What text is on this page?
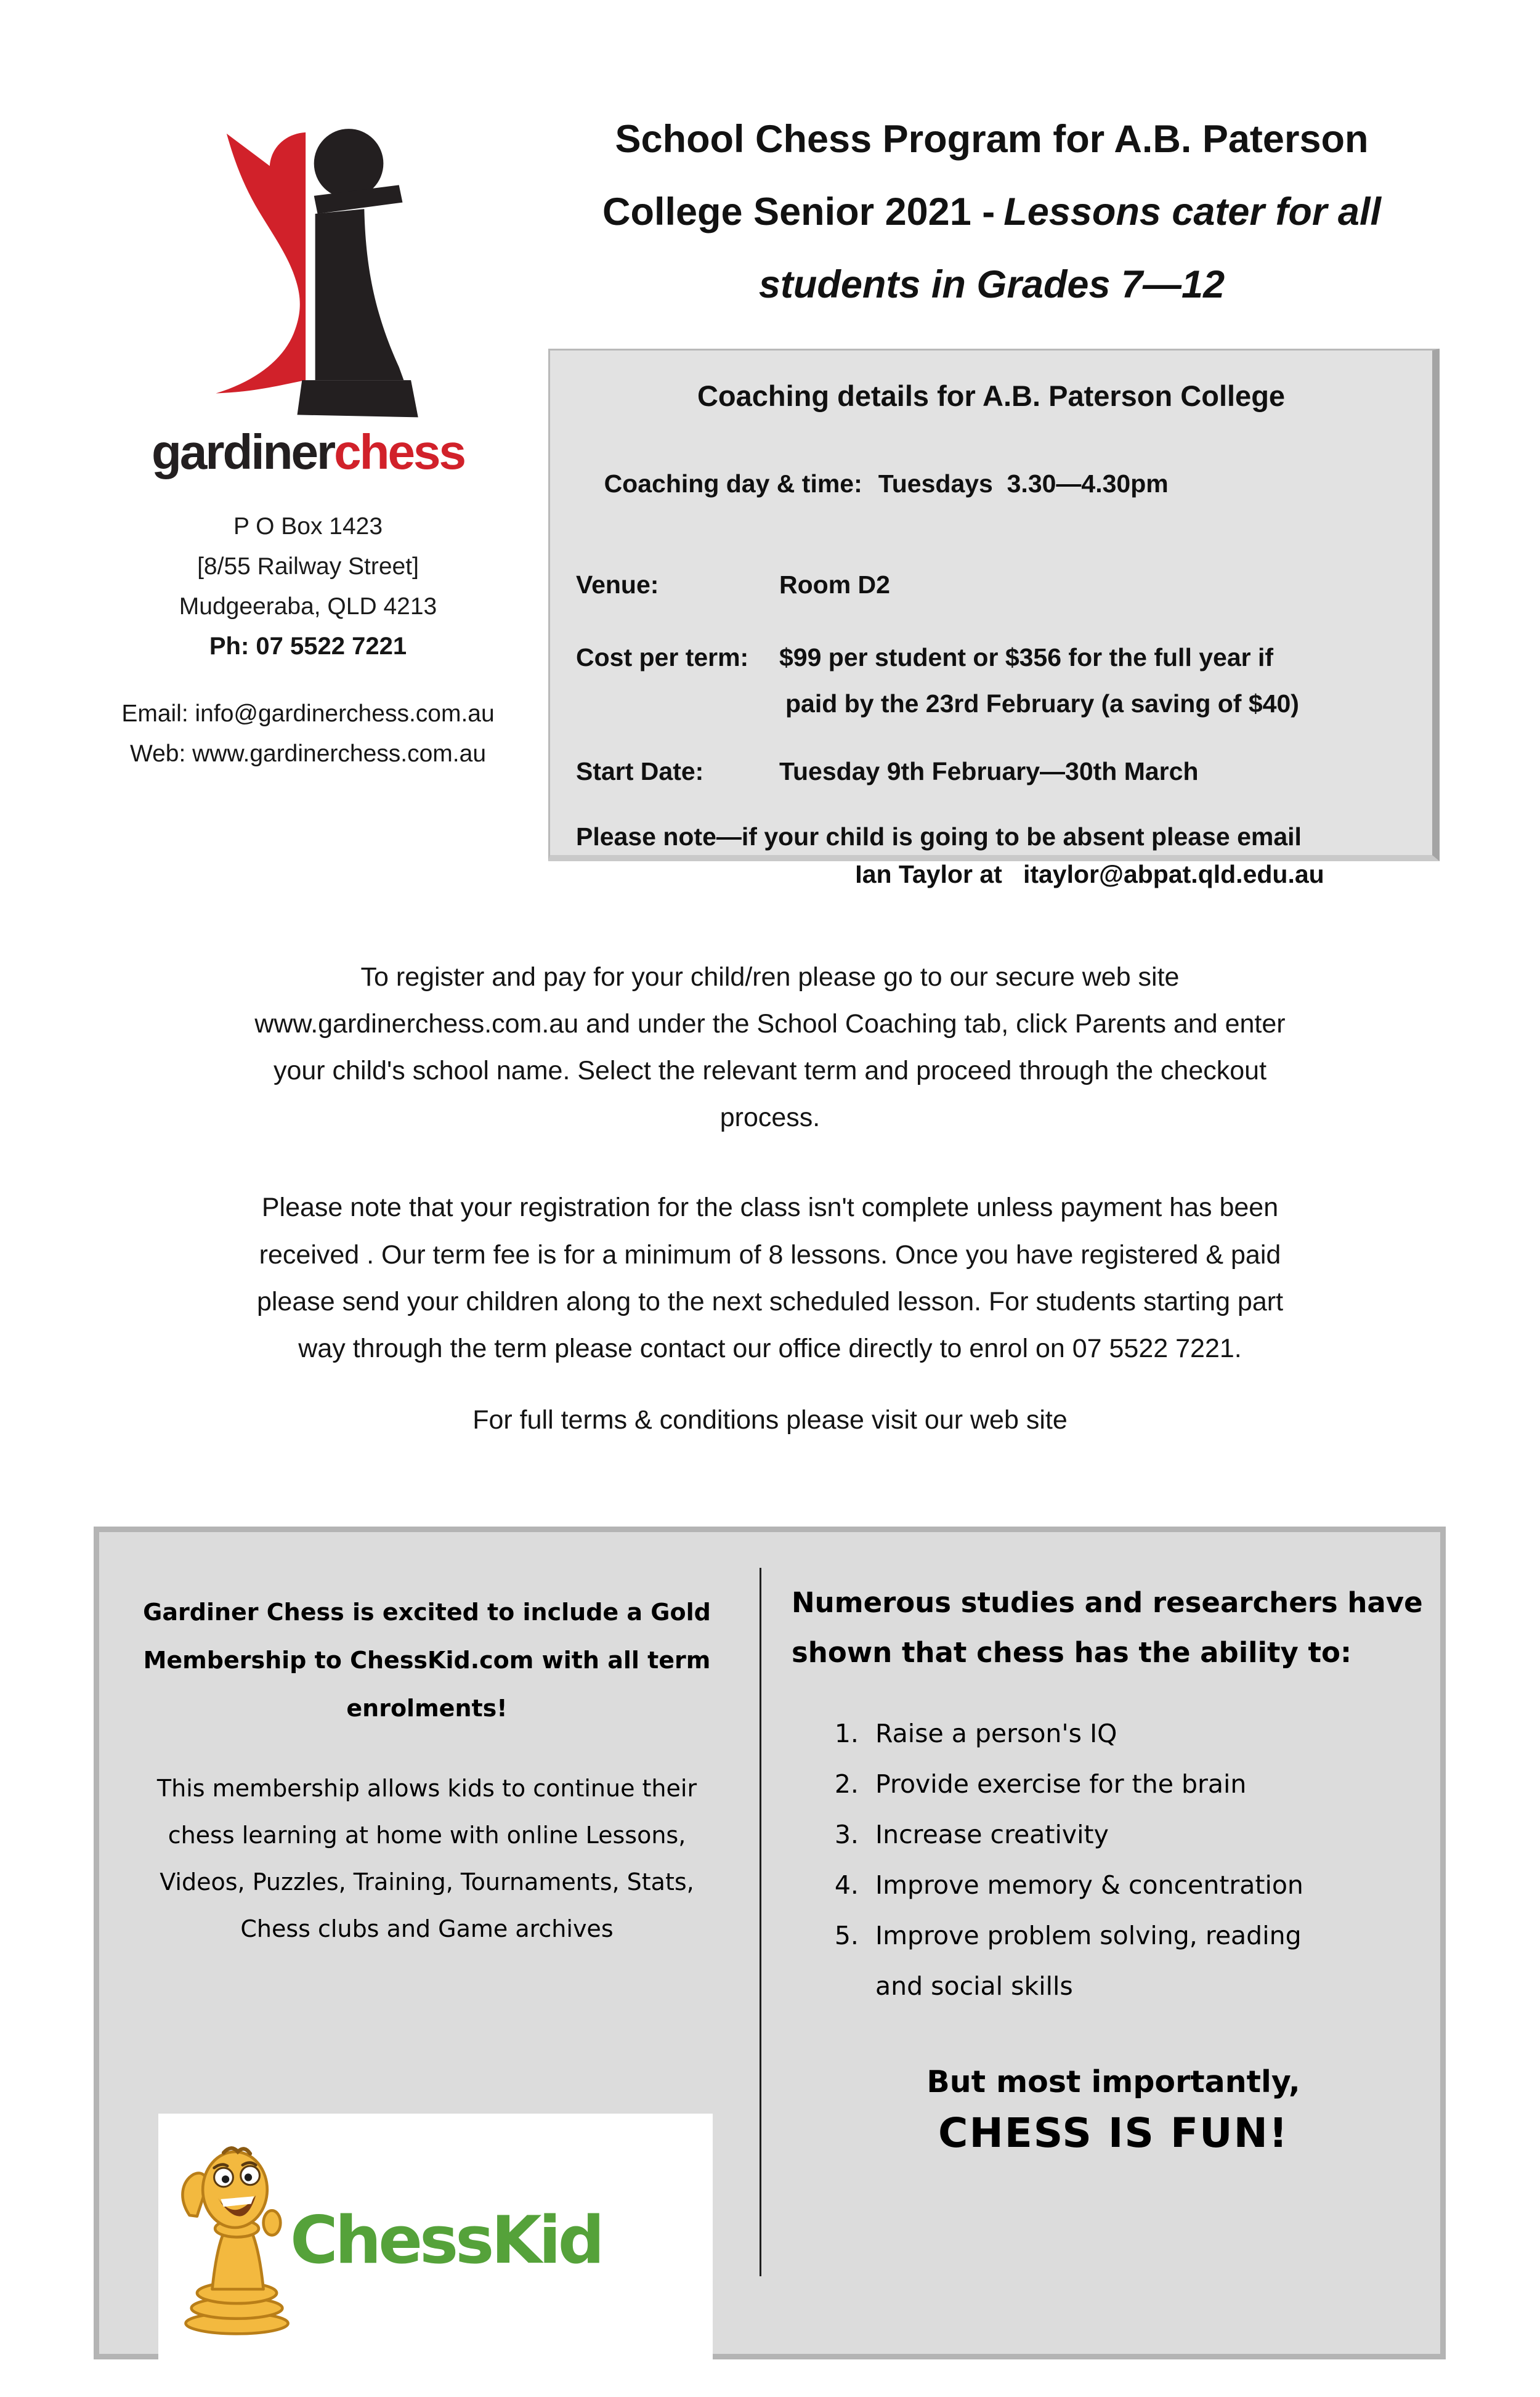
gardinerchess
P O Box 1423
[8/55 Railway Street]
Mudgeeraba, QLD 4213
Ph: 07 5522 7221
Email: info@gardinerchess.com.au
Web: www.gardinerchess.com.au
School Chess Program for A.B. Paterson
College Senior 2021 - Lessons cater for all
students in Grades 7—12
Coaching details for A.B. Paterson College

Coaching day & time: Tuesdays  3.30—4.30pm

Venue:	Room D2
Cost per term:	$99 per student or $356 for the full year if
paid by the 23rd February (a saving of $40)
Start Date:	Tuesday 9th February—30th March
Please note—if your child is going to be absent please email
Ian Taylor at   itaylor@abpat.qld.edu.au

To register and pay for your child/ren please go to our secure web site
www.gardinerchess.com.au and under the School Coaching tab, click Parents and enter
your child's school name. Select the relevant term and proceed through the checkout
process.

Please note that your registration for the class isn't complete unless payment has been
received . Our term fee is for a minimum of 8 lessons. Once you have registered & paid
please send your children along to the next scheduled lesson. For students starting part
way through the term please contact our office directly to enrol on 07 5522 7221.

For full terms & conditions please visit our web site

Gardiner Chess is excited to include a Gold
Membership to ChessKid.com with all term
enrolments!
This membership allows kids to continue their
chess learning at home with online Lessons,
Videos, Puzzles, Training, Tournaments, Stats,
Chess clubs and Game archives
ChessKid
Numerous studies and researchers have
shown that chess has the ability to:
1. Raise a person's IQ
2. Provide exercise for the brain
3. Increase creativity
4. Improve memory & concentration
5. Improve problem solving, reading
and social skills
But most importantly,
CHESS IS FUN!
